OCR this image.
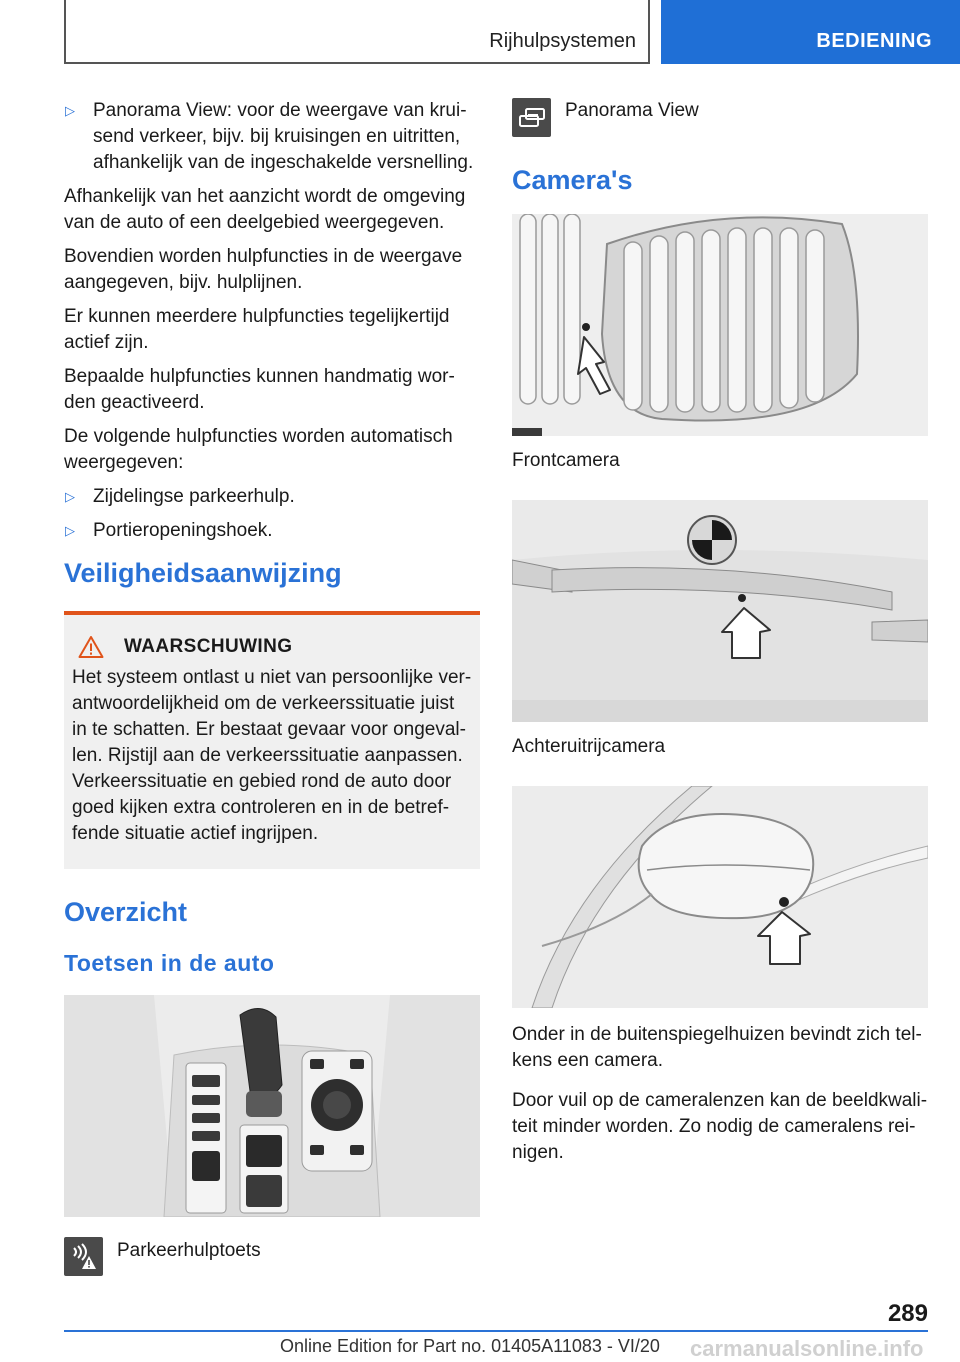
Rijhulpsystemen	BEDIENING
▷ Panorama View: voor de weergave van kruisend verkeer, bijv. bij kruisingen en uitritten, afhankelijk van de ingeschakelde versnelling.

Afhankelijk van het aanzicht wordt de omgeving van de auto of een deelgebied weergegeven.

Bovendien worden hulpfuncties in de weergave aangegeven, bijv. hulplijnen.

Er kunnen meerdere hulpfuncties tegelijkertijd actief zijn.

Bepaalde hulpfuncties kunnen handmatig worden geactiveerd.

De volgende hulpfuncties worden automatisch weergegeven:

▷ Zijdelingse parkeerhulp.
▷ Portieropeningshoek.
Veiligheidsaanwijzing
WAARSCHUWING

Het systeem ontlast u niet van persoonlijke verantwoordelijkheid om de verkeerssituatie juist in te schatten. Er bestaat gevaar voor ongevallen. Rijstijl aan de verkeerssituatie aanpassen. Verkeerssituatie en gebied rond de auto door goed kijken extra controleren en in de betreffende situatie actief ingrijpen.

Overzicht
Toetsen in de auto
Parkeerhulptoets
Panorama View
Camera's
Frontcamera
Achteruitrijcamera

Onder in de buitenspiegelhuizen bevindt zich telkens een camera.

Door vuil op de cameralenzen kan de beeldkwaliteit minder worden. Zo nodig de cameralens reinigen.

289
Online Edition for Part no. 01405A11083 - VI/20 carmanualsonline.info
